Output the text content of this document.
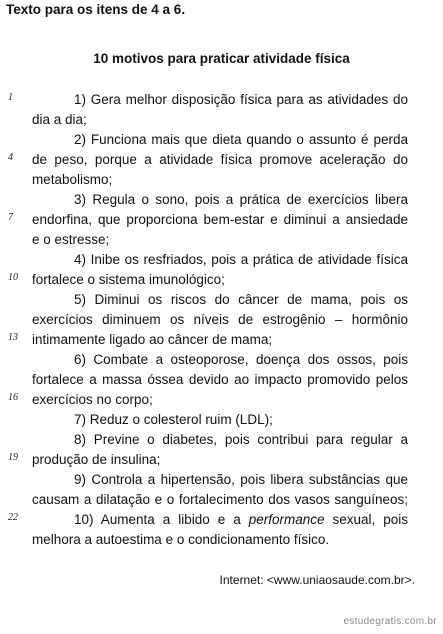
Texto para os itens de 4 a 6.
10 motivos para praticar atividade física
1
4
7
10
13
16
19
22
1) Gera melhor disposição física para as atividades do
dia a dia;
2) Funciona mais que dieta quando o assunto é perda
de peso, porque a atividade física promove aceleração do
metabolismo;
3) Regula o sono, pois a prática de exercícios libera
endorfina, que proporciona bem-estar e diminui a ansiedade
e o estresse;
4) Inibe os resfriados, pois a prática de atividade física
fortalece o sistema imunológico;
5) Diminui os riscos do câncer de mama, pois os
exercícios diminuem os níveis de estrogênio – hormônio
intimamente ligado ao câncer de mama;
6) Combate a osteoporose, doença dos ossos, pois
fortalece a massa óssea devido ao impacto promovido pelos
exercícios no corpo;
7) Reduz o colesterol ruim (LDL);
8) Previne o diabetes, pois contribui para regular a
produção de insulina;
9) Controla a hipertensão, pois libera substâncias que
causam a dilatação e o fortalecimento dos vasos sanguíneos;
10) Aumenta a libido e a performance sexual, pois
melhora a autoestima e o condicionamento físico.
Internet: <www.uniaosaude.com.br>.
estudegratis.com.br
